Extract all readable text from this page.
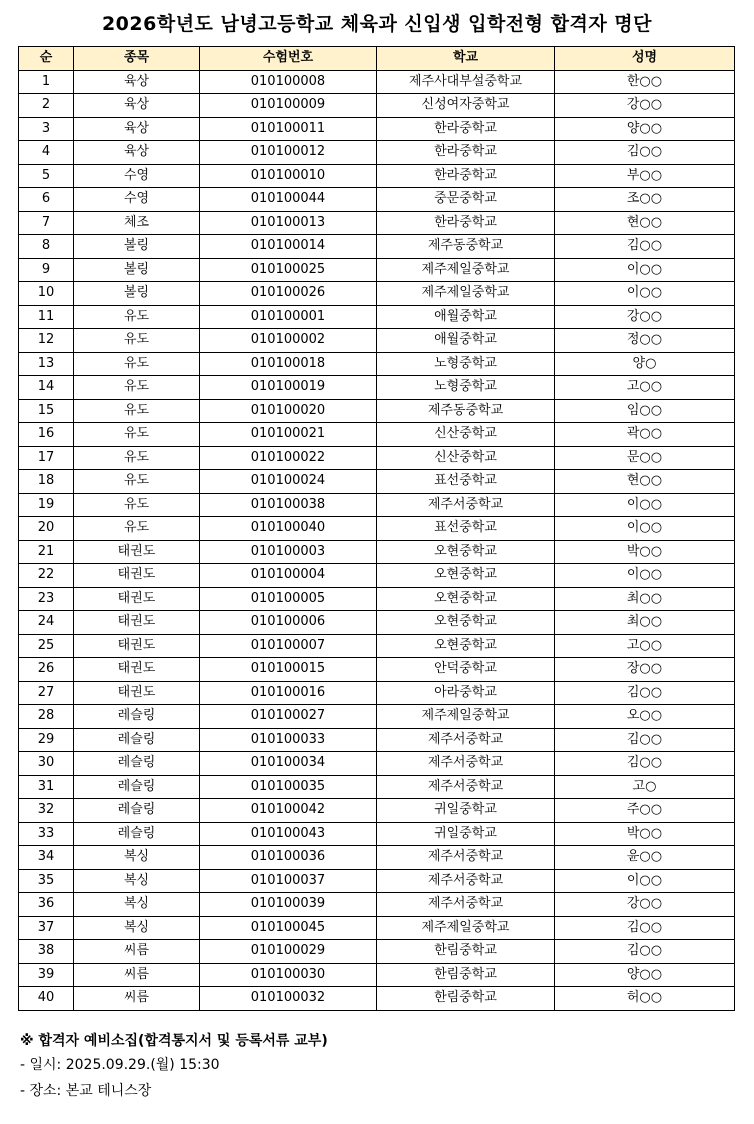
2026학년도 남녕고등학교 체육과 신입생 입학전형 합격자 명단
순	종목	수험번호	학교	성명
1	육상	010100008	제주사대부설중학교	한○○
2	육상	010100009	신성여자중학교	강○○
3	육상	010100011	한라중학교	양○○
4	육상	010100012	한라중학교	김○○
5	수영	010100010	한라중학교	부○○
6	수영	010100044	중문중학교	조○○
7	체조	010100013	한라중학교	현○○
8	볼링	010100014	제주동중학교	김○○
9	볼링	010100025	제주제일중학교	이○○
10	볼링	010100026	제주제일중학교	이○○
11	유도	010100001	애월중학교	강○○
12	유도	010100002	애월중학교	정○○
13	유도	010100018	노형중학교	양○
14	유도	010100019	노형중학교	고○○
15	유도	010100020	제주동중학교	임○○
16	유도	010100021	신산중학교	곽○○
17	유도	010100022	신산중학교	문○○
18	유도	010100024	표선중학교	현○○
19	유도	010100038	제주서중학교	이○○
20	유도	010100040	표선중학교	이○○
21	태권도	010100003	오현중학교	박○○
22	태권도	010100004	오현중학교	이○○
23	태권도	010100005	오현중학교	최○○
24	태권도	010100006	오현중학교	최○○
25	태권도	010100007	오현중학교	고○○
26	태권도	010100015	안덕중학교	장○○
27	태권도	010100016	아라중학교	김○○
28	레슬링	010100027	제주제일중학교	오○○
29	레슬링	010100033	제주서중학교	김○○
30	레슬링	010100034	제주서중학교	김○○
31	레슬링	010100035	제주서중학교	고○
32	레슬링	010100042	귀일중학교	주○○
33	레슬링	010100043	귀일중학교	박○○
34	복싱	010100036	제주서중학교	윤○○
35	복싱	010100037	제주서중학교	이○○
36	복싱	010100039	제주서중학교	강○○
37	복싱	010100045	제주제일중학교	김○○
38	씨름	010100029	한림중학교	김○○
39	씨름	010100030	한림중학교	양○○
40	씨름	010100032	한림중학교	허○○
※ 합격자 예비소집(합격통지서 및 등록서류 교부)
- 일시: 2025.09.29.(월) 15:30
- 장소: 본교 테니스장
